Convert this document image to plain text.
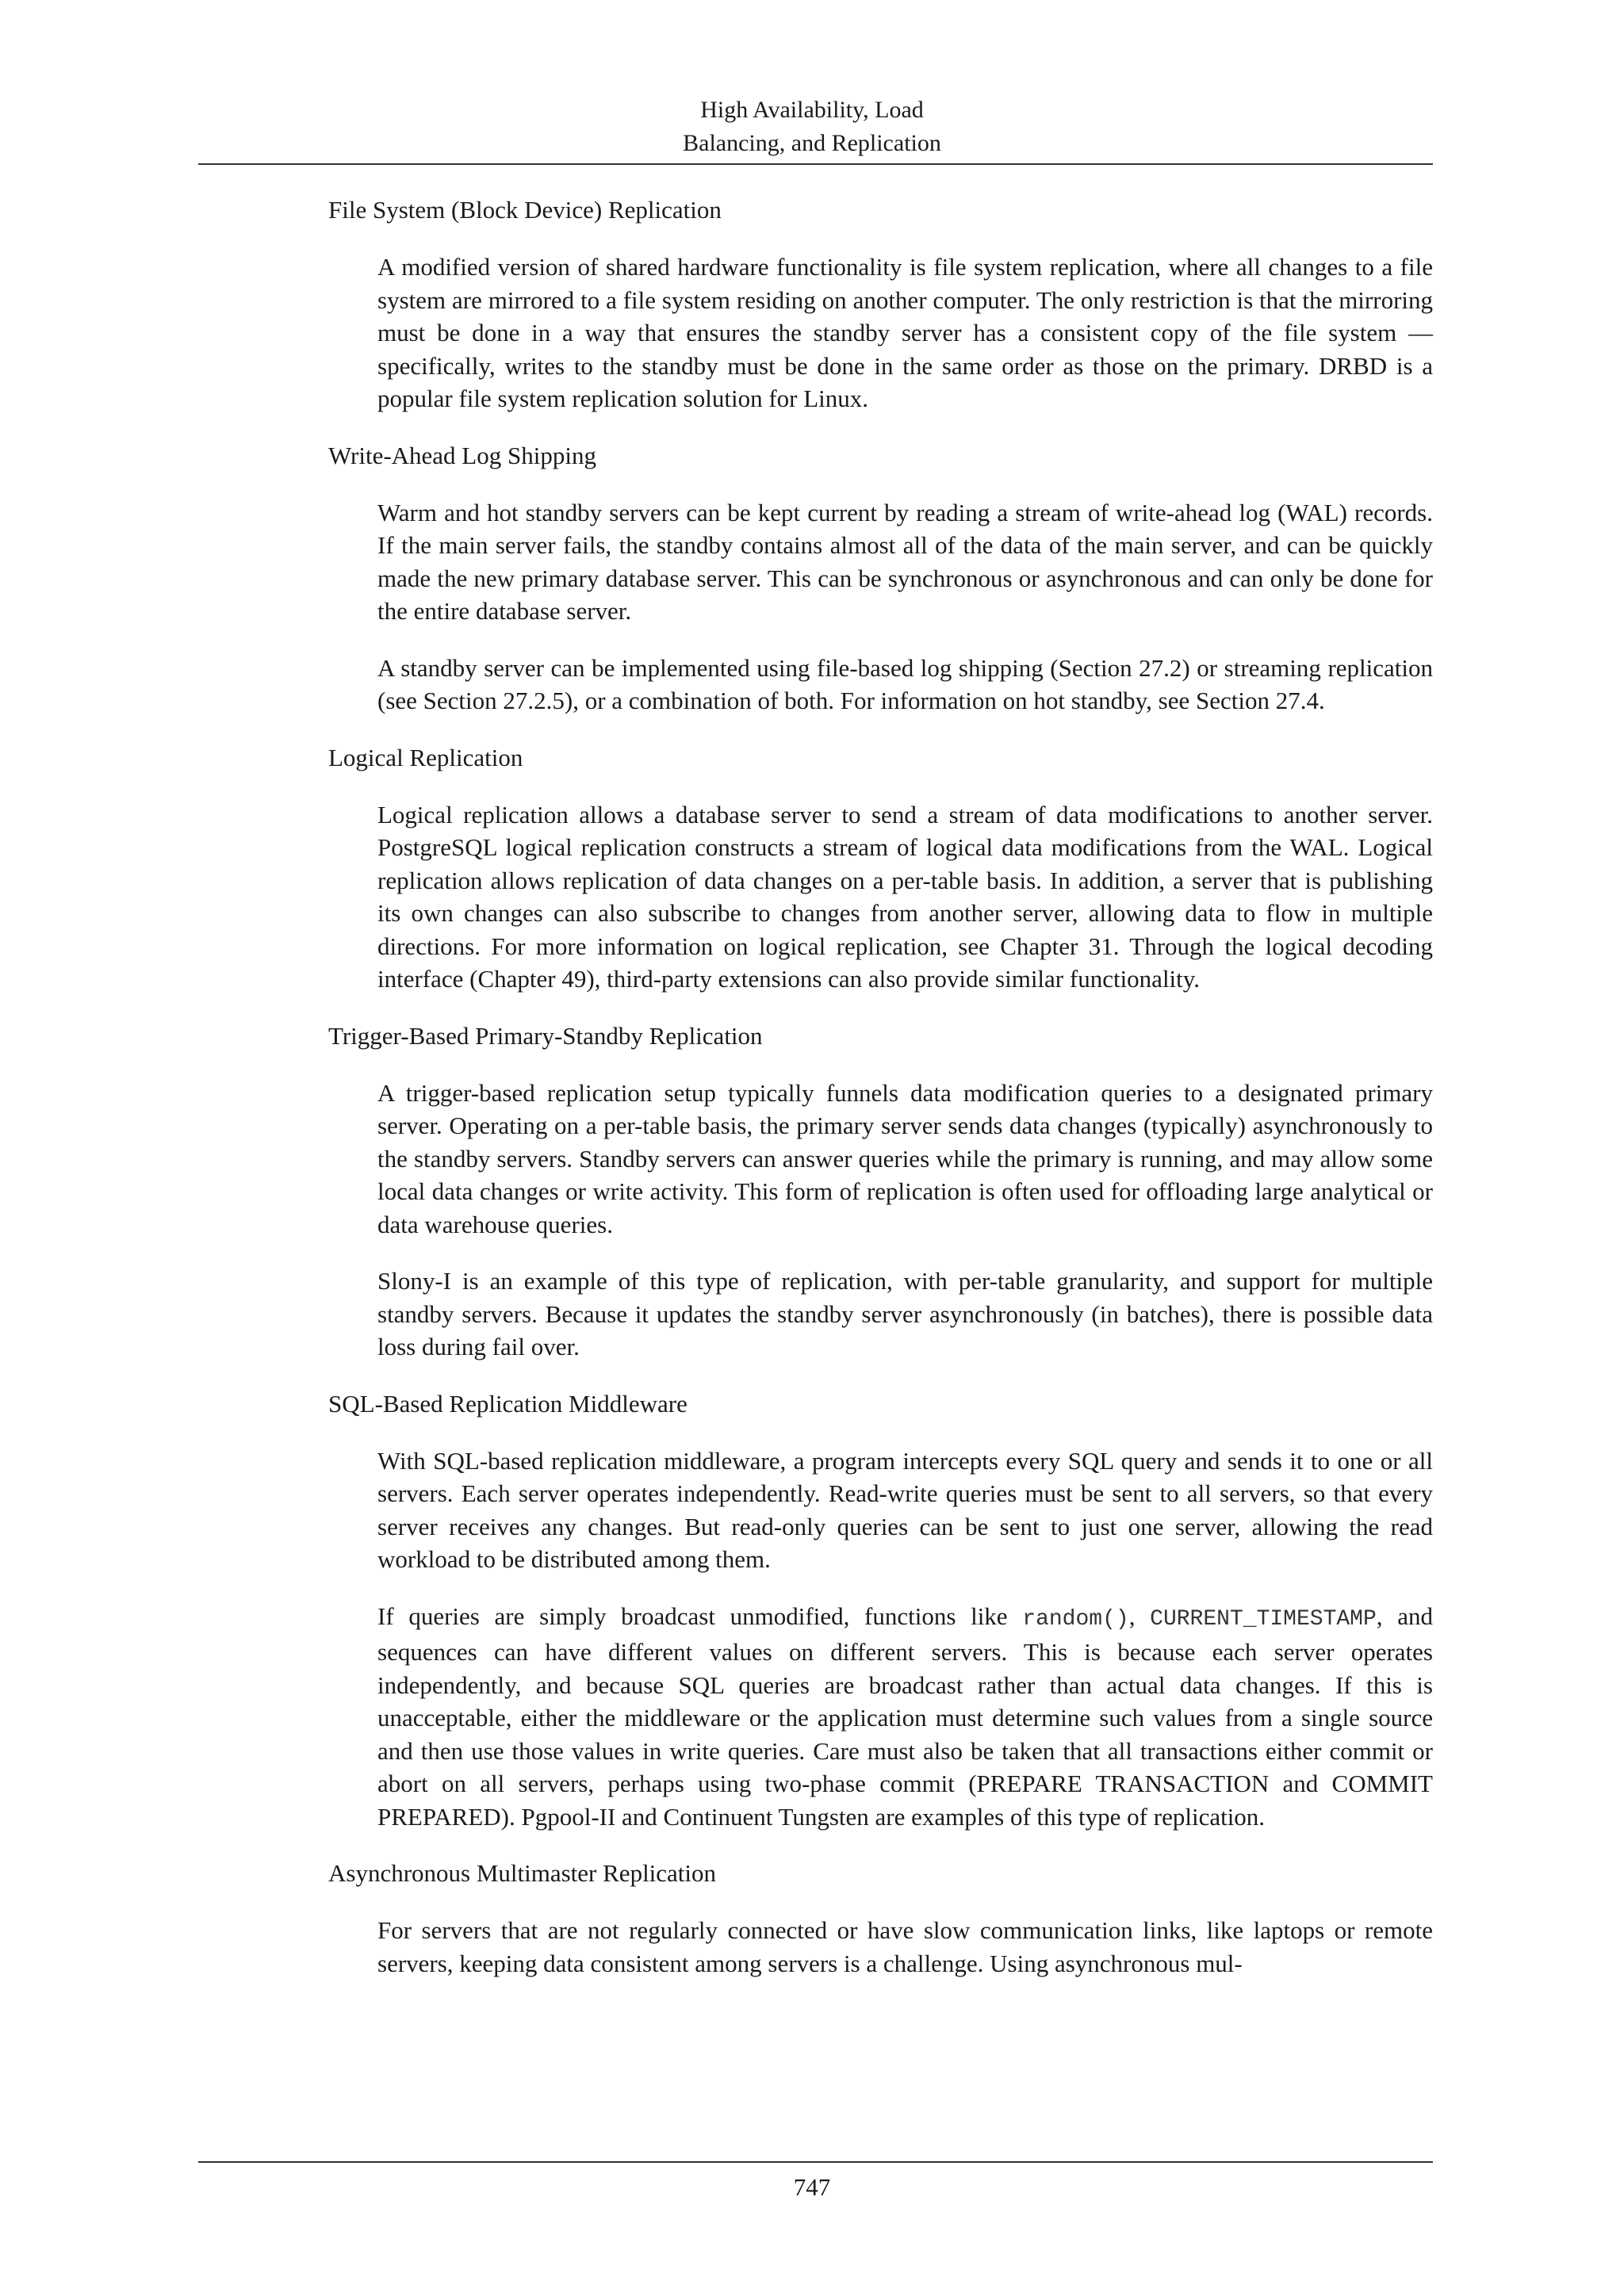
High Availability, Load
Balancing, and Replication
File System (Block Device) Replication

A modified version of shared hardware functionality is file system replication, where all changes to a file system are mirrored to a file system residing on another computer. The only restriction is that the mirroring must be done in a way that ensures the standby server has a consistent copy of the file system — specifically, writes to the standby must be done in the same order as those on the primary. DRBD is a popular file system replication solution for Linux.

Write-Ahead Log Shipping

Warm and hot standby servers can be kept current by reading a stream of write-ahead log (WAL) records. If the main server fails, the standby contains almost all of the data of the main server, and can be quickly made the new primary database server. This can be synchronous or asynchronous and can only be done for the entire database server.

A standby server can be implemented using file-based log shipping (Section 27.2) or streaming replication (see Section 27.2.5), or a combination of both. For information on hot standby, see Section 27.4.

Logical Replication

Logical replication allows a database server to send a stream of data modifications to another server. PostgreSQL logical replication constructs a stream of logical data modifications from the WAL. Logical replication allows replication of data changes on a per-table basis. In addition, a server that is publishing its own changes can also subscribe to changes from another server, allowing data to flow in multiple directions. For more information on logical replication, see Chapter 31. Through the logical decoding interface (Chapter 49), third-party extensions can also provide similar functionality.

Trigger-Based Primary-Standby Replication

A trigger-based replication setup typically funnels data modification queries to a designated primary server. Operating on a per-table basis, the primary server sends data changes (typically) asynchronously to the standby servers. Standby servers can answer queries while the primary is running, and may allow some local data changes or write activity. This form of replication is often used for offloading large analytical or data warehouse queries.

Slony-I is an example of this type of replication, with per-table granularity, and support for multiple standby servers. Because it updates the standby server asynchronously (in batches), there is possible data loss during fail over.

SQL-Based Replication Middleware

With SQL-based replication middleware, a program intercepts every SQL query and sends it to one or all servers. Each server operates independently. Read-write queries must be sent to all servers, so that every server receives any changes. But read-only queries can be sent to just one server, allowing the read workload to be distributed among them.

If queries are simply broadcast unmodified, functions like random(), CURRENT_TIMESTAMP, and sequences can have different values on different servers. This is because each server operates independently, and because SQL queries are broadcast rather than actual data changes. If this is unacceptable, either the middleware or the application must determine such values from a single source and then use those values in write queries. Care must also be taken that all transactions either commit or abort on all servers, perhaps using two-phase commit (PREPARE TRANSACTION and COMMIT PREPARED). Pgpool-II and Continuent Tungsten are examples of this type of replication.

Asynchronous Multimaster Replication

For servers that are not regularly connected or have slow communication links, like laptops or remote servers, keeping data consistent among servers is a challenge. Using asynchronous mul-

747
